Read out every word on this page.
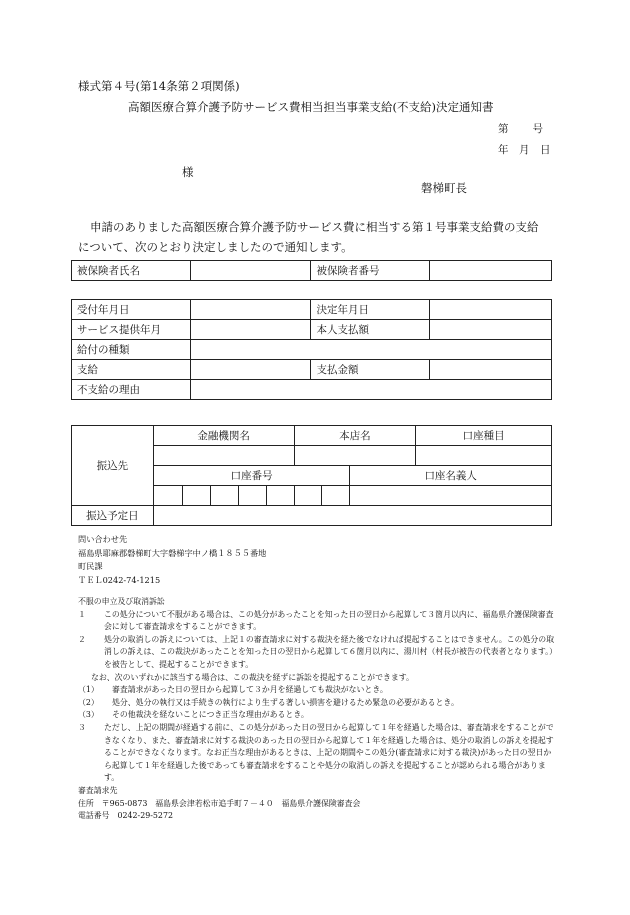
様式第４号(第14条第２項関係)
高額医療合算介護予防サービス費相当担当事業支給(不支給)決定通知書
第　　号
年　月　日
様
磐梯町長

申請のありました高額医療合算介護予防サービス費に相当する第１号事業支給費の支給

について、次のとおり決定しましたので通知します。

被保険者氏名		被保険者番号	
受付年月日		決定年月日	
サービス提供年月		本人支払額	
給付の種類			
支給		支払金額	
不支給の理由			
振込先	金融機関名					本店名			口座種目

	口座番号							口座名義人	

振込予定日									

問い合わせ先

福島県耶麻郡磐梯町大字磐梯字中ノ橋１８５５番地

町民課

ＴＥＬ0242-74-1215

不服の申立及び取消訴訟

１	この処分について不服がある場合は、この処分があったことを知った日の翌日から起算して３箇月以内に、福島県介護保険審査会に対して審査請求をすることができます。
２	処分の取消しの訴えについては、上記１の審査請求に対する裁決を経た後でなければ提起することはできません。この処分の取消しの訴えは、この裁決があったことを知った日の翌日から起算して６箇月以内に、湯川村（村長が被告の代表者となります。）を被告として、提起することができます。

なお、次のいずれかに該当する場合は、この裁決を経ずに訴訟を提起することができます。

（1）	審査請求があった日の翌日から起算して３か月を経過しても裁決がないとき。
（2）	処分、処分の執行又は手続きの執行により生ずる著しい損害を避けるため緊急の必要があるとき。
（3）	その他裁決を経ないことにつき正当な理由があるとき。
３	ただし、上記の期間が経過する前に、この処分があった日の翌日から起算して１年を経過した場合は、審査請求をすることができなくなり、また、審査請求に対する裁決のあった日の翌日から起算して１年を経過した場合は、処分の取消しの訴えを提起することができなくなります。なお正当な理由があるときは、上記の期間やこの処分(審査請求に対する裁決)があった日の翌日から起算して１年を経過した後であっても審査請求をすることや処分の取消しの訴えを提起することが認められる場合があります。

審査請求先

住所　〒965-0873　福島県会津若松市追手町７－４０　福島県介護保険審査会

電話番号　0242-29-5272
